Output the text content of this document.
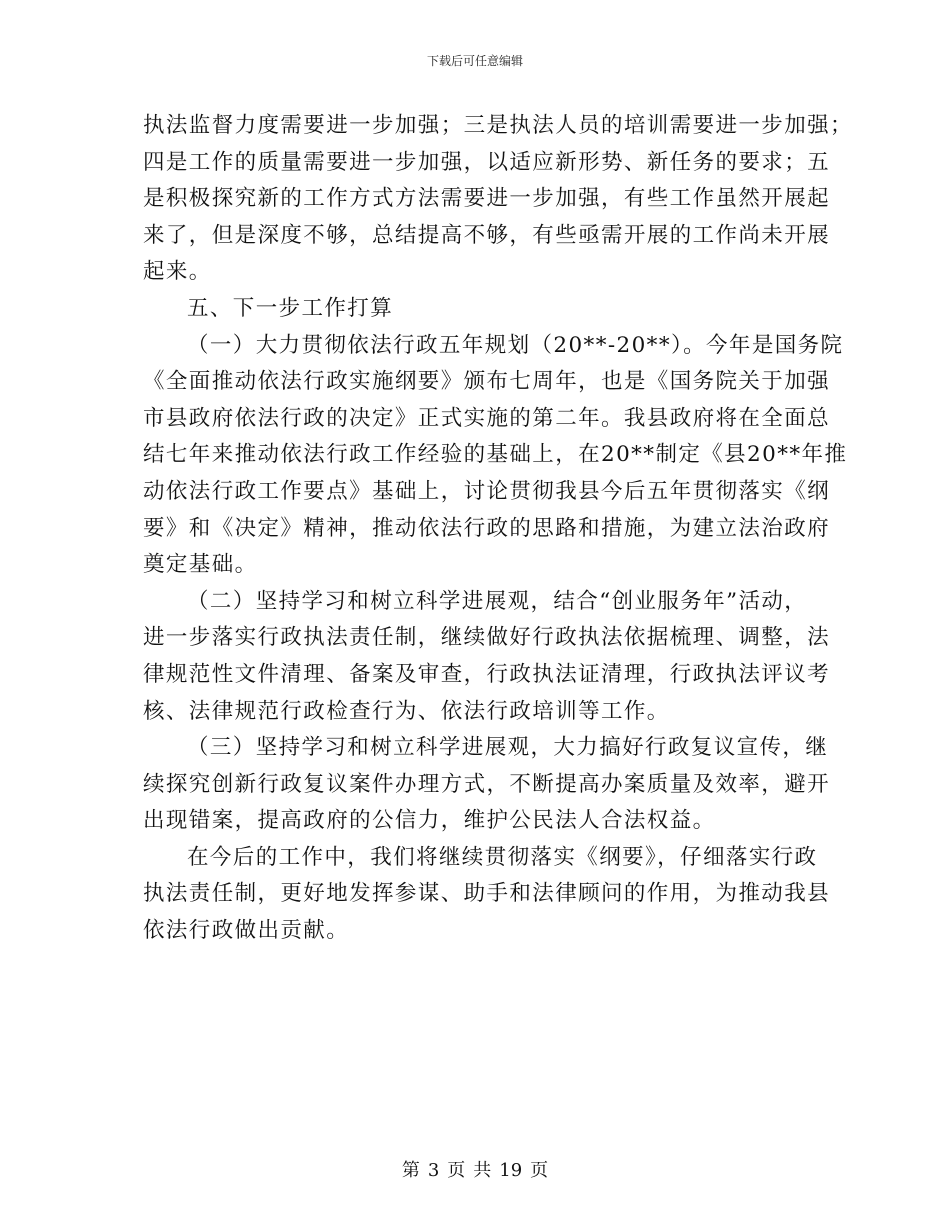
下载后可任意编辑
执法监督力度需要进一步加强；三是执法人员的培训需要进一步加强；
四是工作的质量需要进一步加强，以适应新形势、新任务的要求；五
是积极探究新的工作方式方法需要进一步加强，有些工作虽然开展起
来了，但是深度不够，总结提高不够，有些亟需开展的工作尚未开展
起来。
五、下一步工作打算
（一）大力贯彻依法行政五年规划（20**-20**）。今年是国务院
《全面推动依法行政实施纲要》颁布七周年，也是《国务院关于加强
市县政府依法行政的决定》正式实施的第二年。我县政府将在全面总
结七年来推动依法行政工作经验的基础上，在20**制定《县20**年推
动依法行政工作要点》基础上，讨论贯彻我县今后五年贯彻落实《纲
要》和《决定》精神，推动依法行政的思路和措施，为建立法治政府
奠定基础。
（二）坚持学习和树立科学进展观，结合“创业服务年”活动，
进一步落实行政执法责任制，继续做好行政执法依据梳理、调整，法
律规范性文件清理、备案及审查，行政执法证清理，行政执法评议考
核、法律规范行政检查行为、依法行政培训等工作。
（三）坚持学习和树立科学进展观，大力搞好行政复议宣传，继
续探究创新行政复议案件办理方式，不断提高办案质量及效率，避开
出现错案，提高政府的公信力，维护公民法人合法权益。
在今后的工作中，我们将继续贯彻落实《纲要》，仔细落实行政
执法责任制，更好地发挥参谋、助手和法律顾问的作用，为推动我县
依法行政做出贡献。
第 3 页 共 19 页
